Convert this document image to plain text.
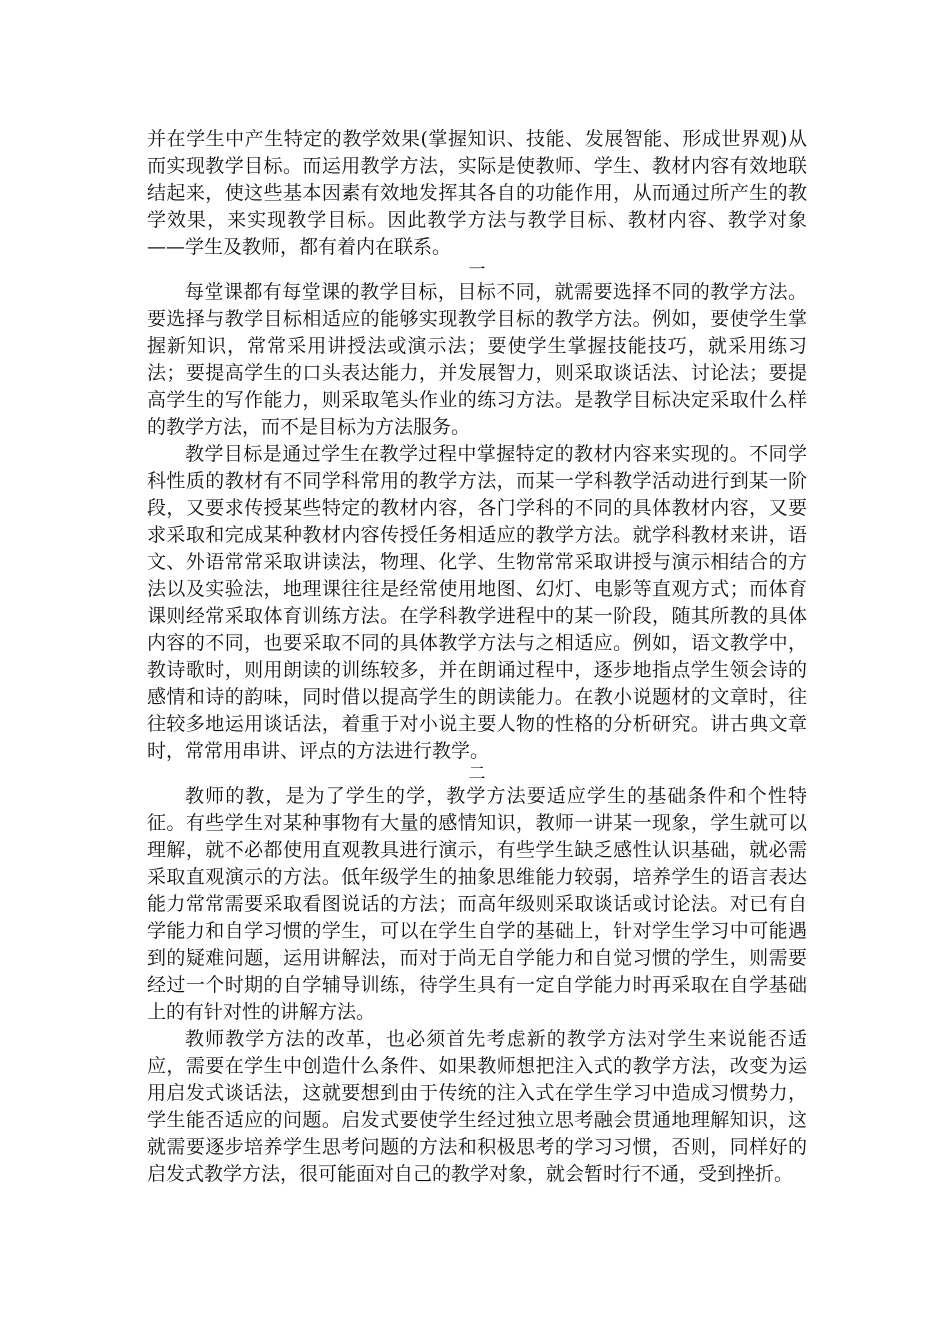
并在学生中产生特定的教学效果(掌握知识、技能、发展智能、形成世界观)从而实现教学目标。而运用教学方法，实际是使教师、学生、教材内容有效地联结起来，使这些基本因素有效地发挥其各自的功能作用，从而通过所产生的教学效果，来实现教学目标。因此教学方法与教学目标、教材内容、教学对象——学生及教师，都有着内在联系。

一

每堂课都有每堂课的教学目标，目标不同，就需要选择不同的教学方法。要选择与教学目标相适应的能够实现教学目标的教学方法。例如，要使学生掌握新知识，常常采用讲授法或演示法；要使学生掌握技能技巧，就采用练习法；要提高学生的口头表达能力，并发展智力，则采取谈话法、讨论法；要提高学生的写作能力，则采取笔头作业的练习方法。是教学目标决定采取什么样的教学方法，而不是目标为方法服务。

教学目标是通过学生在教学过程中掌握特定的教材内容来实现的。不同学科性质的教材有不同学科常用的教学方法，而某一学科教学活动进行到某一阶段，又要求传授某些特定的教材内容，各门学科的不同的具体教材内容，又要求采取和完成某种教材内容传授任务相适应的教学方法。就学科教材来讲，语文、外语常常采取讲读法，物理、化学、生物常常采取讲授与演示相结合的方法以及实验法，地理课往往是经常使用地图、幻灯、电影等直观方式；而体育课则经常采取体育训练方法。在学科教学进程中的某一阶段，随其所教的具体内容的不同，也要采取不同的具体教学方法与之相适应。例如，语文教学中，教诗歌时，则用朗读的训练较多，并在朗诵过程中，逐步地指点学生领会诗的感情和诗的韵味，同时借以提高学生的朗读能力。在教小说题材的文章时，往往较多地运用谈话法，着重于对小说主要人物的性格的分析研究。讲古典文章时，常常用串讲、评点的方法进行教学。

二

教师的教，是为了学生的学，教学方法要适应学生的基础条件和个性特征。有些学生对某种事物有大量的感情知识，教师一讲某一现象，学生就可以理解，就不必都使用直观教具进行演示，有些学生缺乏感性认识基础，就必需采取直观演示的方法。低年级学生的抽象思维能力较弱，培养学生的语言表达能力常常需要采取看图说话的方法；而高年级则采取谈话或讨论法。对已有自学能力和自学习惯的学生，可以在学生自学的基础上，针对学生学习中可能遇到的疑难问题，运用讲解法，而对于尚无自学能力和自觉习惯的学生，则需要经过一个时期的自学辅导训练，待学生具有一定自学能力时再采取在自学基础上的有针对性的讲解方法。

教师教学方法的改革，也必须首先考虑新的教学方法对学生来说能否适应，需要在学生中创造什么条件、如果教师想把注入式的教学方法，改变为运用启发式谈话法，这就要想到由于传统的注入式在学生学习中造成习惯势力，学生能否适应的问题。启发式要使学生经过独立思考融会贯通地理解知识，这就需要逐步培养学生思考问题的方法和积极思考的学习习惯，否则，同样好的启发式教学方法，很可能面对自己的教学对象，就会暂时行不通，受到挫折。
